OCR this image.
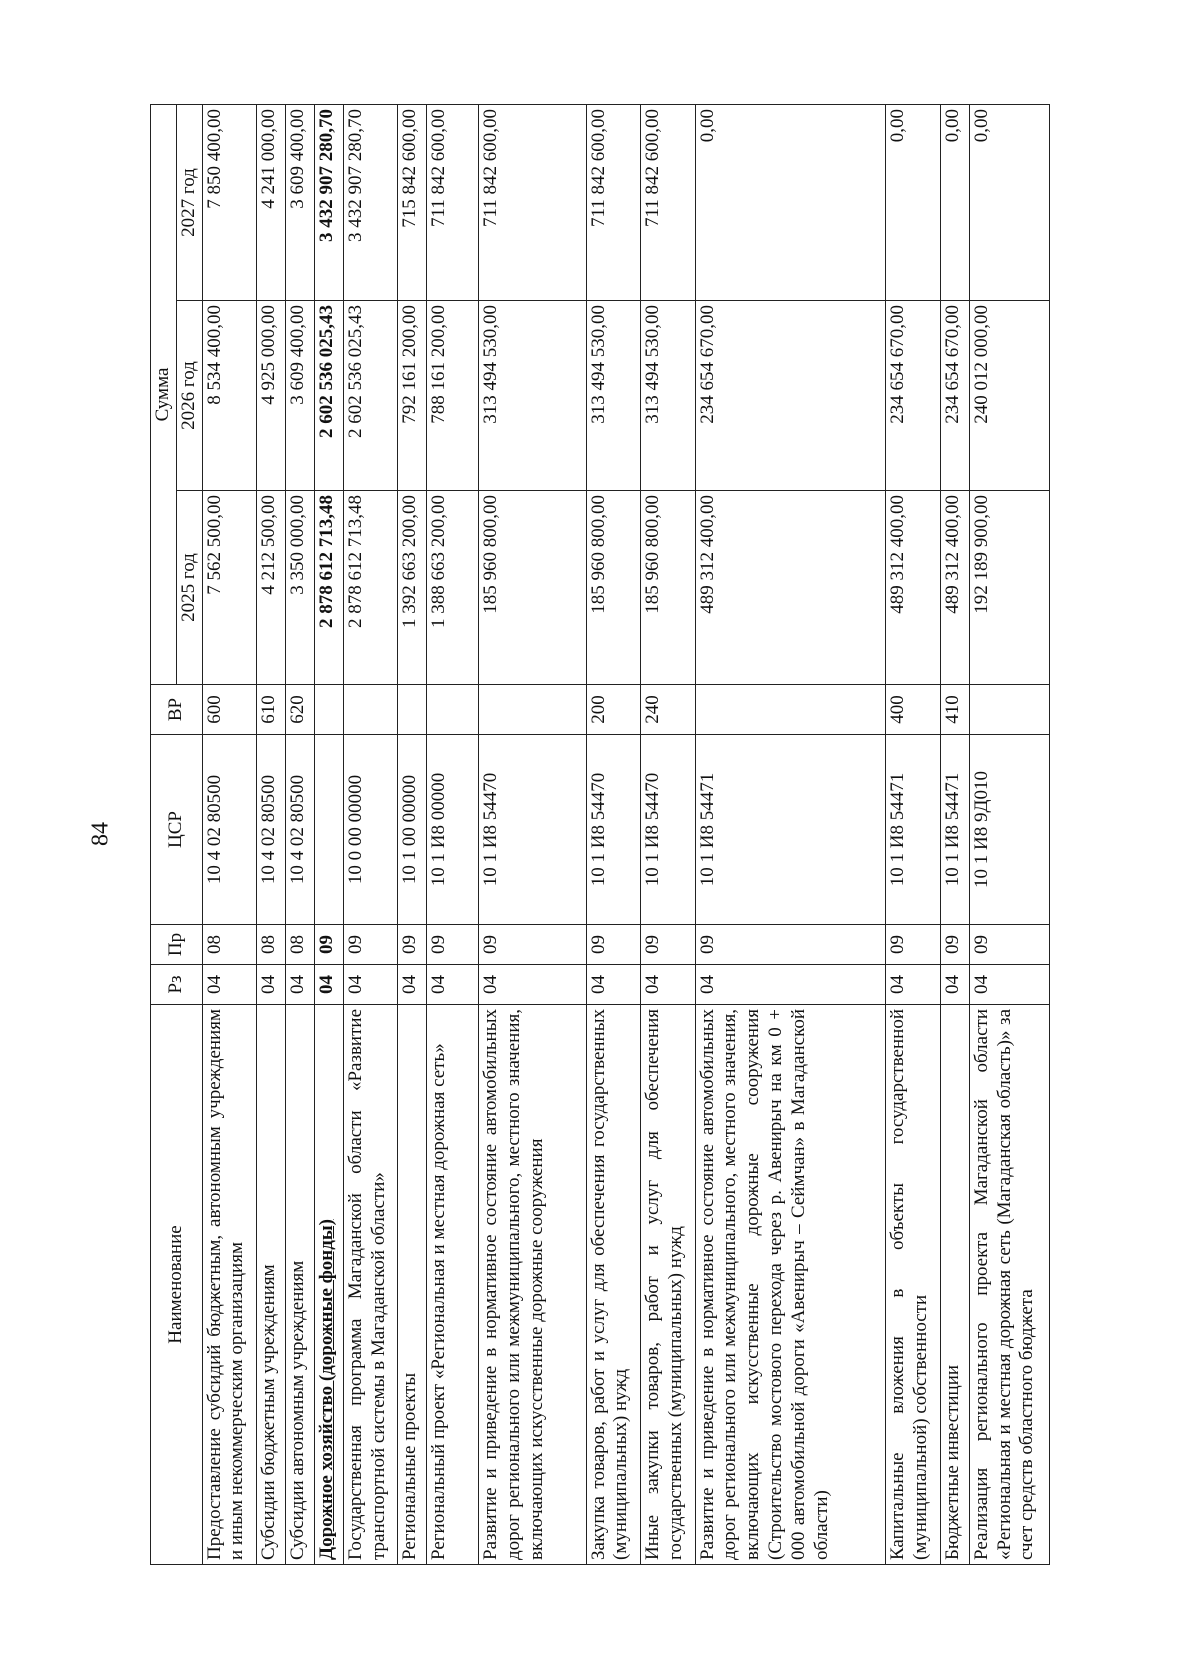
84
Наименование	Рз	Пр	ЦСР	ВР	Сумма		
					2025 год	2026 год	2027 год
Предоставление субсидий бюджетным, автономным учреждениям и иным некоммерческим организациям	04	08	10 4 02 80500	600	7 562 500,00	8 534 400,00	7 850 400,00
Субсидии бюджетным учреждениям	04	08	10 4 02 80500	610	4 212 500,00	4 925 000,00	4 241 000,00
Субсидии автономным учреждениям	04	08	10 4 02 80500	620	3 350 000,00	3 609 400,00	3 609 400,00
Дорожное хозяйство (дорожные фонды)	04	09			2 878 612 713,48	2 602 536 025,43	3 432 907 280,70
Государственная программа Магаданской области «Развитие транспортной системы в Магаданской области»	04	09	10 0 00 00000		2 878 612 713,48	2 602 536 025,43	3 432 907 280,70
Региональные проекты	04	09	10 1 00 00000		1 392 663 200,00	792 161 200,00	715 842 600,00
Региональный проект «Региональная и местная дорожная сеть»	04	09	10 1 И8 00000		1 388 663 200,00	788 161 200,00	711 842 600,00
Развитие и приведение в нормативное состояние автомобильных дорог регионального или межмуниципального, местного значения, включающих искусственные дорожные сооружения	04	09	10 1 И8 54470		185 960 800,00	313 494 530,00	711 842 600,00
Закупка товаров, работ и услуг для обеспечения государственных (муниципальных) нужд	04	09	10 1 И8 54470	200	185 960 800,00	313 494 530,00	711 842 600,00
Иные закупки товаров, работ и услуг для обеспечения государственных (муниципальных) нужд	04	09	10 1 И8 54470	240	185 960 800,00	313 494 530,00	711 842 600,00
Развитие и приведение в нормативное состояние автомобильных дорог регионального или межмуниципального, местного значения, включающих искусственные дорожные сооружения (Строительство мостового перехода через р. Авенирыч на км 0 + 000 автомобильной дороги «Авенирыч – Сеймчан» в Магаданской области)	04	09	10 1 И8 54471		489 312 400,00	234 654 670,00	0,00
Капитальные вложения в объекты государственной (муниципальной) собственности	04	09	10 1 И8 54471	400	489 312 400,00	234 654 670,00	0,00
Бюджетные инвестиции	04	09	10 1 И8 54471	410	489 312 400,00	234 654 670,00	0,00
Реализация регионального проекта Магаданской области «Региональная и местная дорожная сеть (Магаданская область)» за счет средств областного бюджета	04	09	10 1 И8 9Д010		192 189 900,00	240 012 000,00	0,00
